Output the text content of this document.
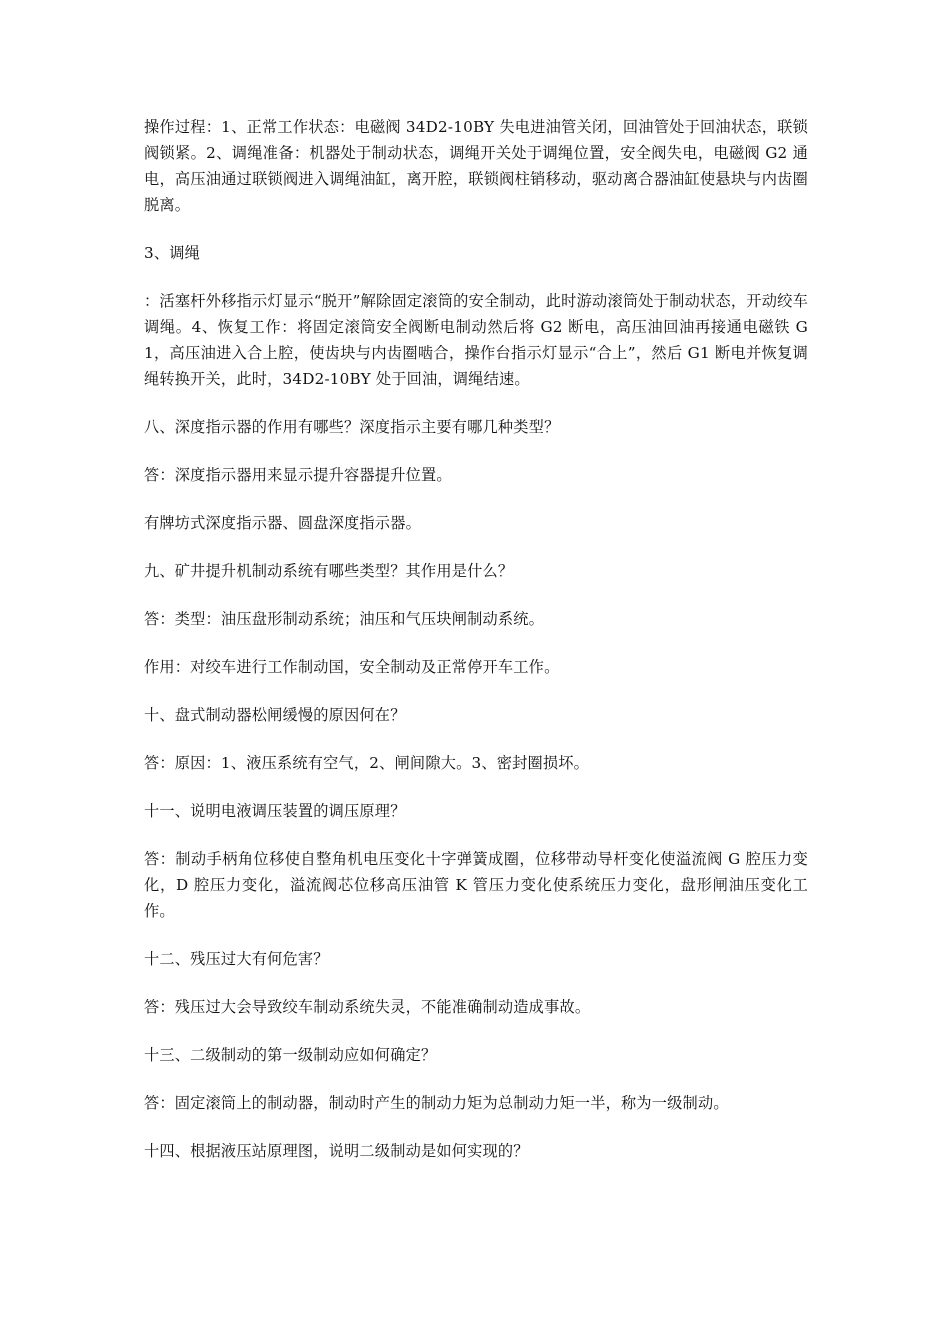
操作过程：1、正常工作状态：电磁阀 34D2-10BY 失电进油管关闭，回油管处于回油状态，联锁阀锁紧。2、调绳准备：机器处于制动状态，调绳开关处于调绳位置，安全阀失电，电磁阀 G2 通电，高压油通过联锁阀进入调绳油缸，离开腔，联锁阀柱销移动，驱动离合器油缸使悬块与内齿圈脱离。

3、调绳

：活塞杆外移指示灯显示“脱开”解除固定滚筒的安全制动，此时游动滚筒处于制动状态，开动绞车调绳。4、恢复工作：将固定滚筒安全阀断电制动然后将 G2 断电，高压油回油再接通电磁铁 G1，高压油进入合上腔，使齿块与内齿圈啮合，操作台指示灯显示“合上”，然后 G1 断电并恢复调绳转换开关，此时，34D2-10BY 处于回油，调绳结速。

八、深度指示器的作用有哪些？深度指示主要有哪几种类型？

答：深度指示器用来显示提升容器提升位置。

有牌坊式深度指示器、圆盘深度指示器。

九、矿井提升机制动系统有哪些类型？其作用是什么？

答：类型：油压盘形制动系统；油压和气压块闸制动系统。

作用：对绞车进行工作制动国，安全制动及正常停开车工作。

十、盘式制动器松闸缓慢的原因何在？

答：原因：1、液压系统有空气，2、闸间隙大。3、密封圈损坏。

十一、说明电液调压装置的调压原理？

答：制动手柄角位移使自整角机电压变化十字弹簧成圈，位移带动导杆变化使溢流阀 G 腔压力变化，D 腔压力变化，溢流阀芯位移高压油管 K 管压力变化使系统压力变化，盘形闸油压变化工作。

十二、残压过大有何危害？

答：残压过大会导致绞车制动系统失灵，不能准确制动造成事故。

十三、二级制动的第一级制动应如何确定？

答：固定滚筒上的制动器，制动时产生的制动力矩为总制动力矩一半，称为一级制动。

十四、根据液压站原理图，说明二级制动是如何实现的？
